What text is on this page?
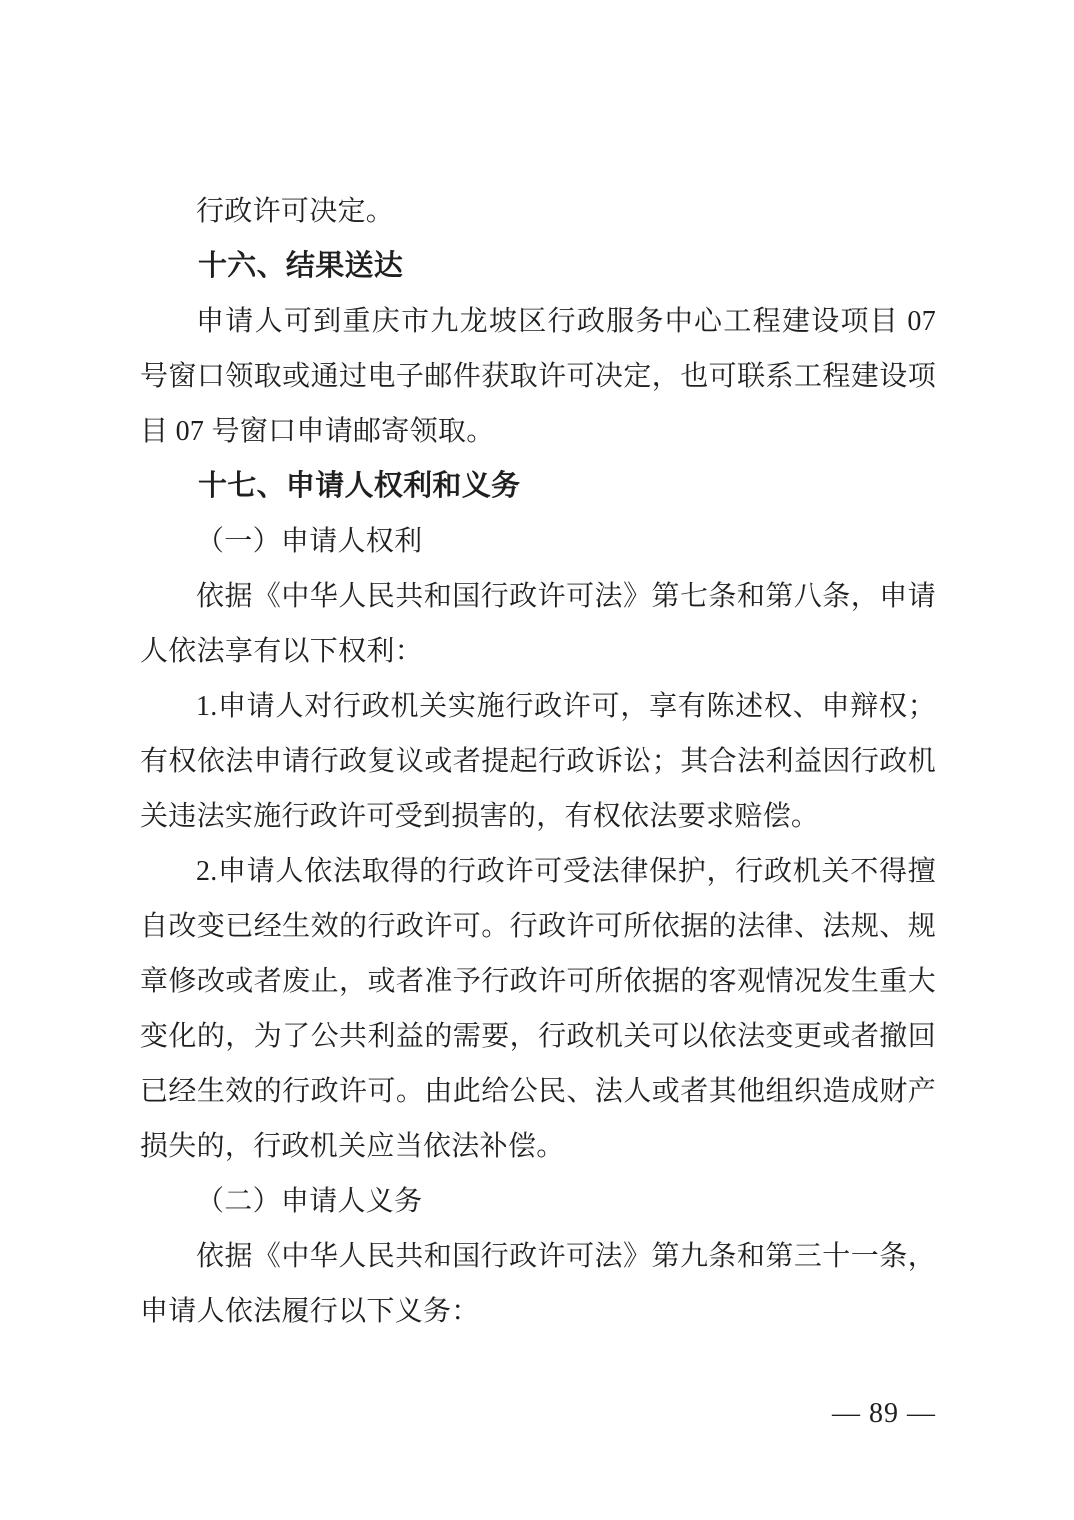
行政许可决定。

十六、结果送达

申请人可到重庆市九龙坡区行政服务中心工程建设项目 07 号窗口领取或通过电子邮件获取许可决定，也可联系工程建设项目 07 号窗口申请邮寄领取。

十七、申请人权利和义务

（一）申请人权利

依据《中华人民共和国行政许可法》第七条和第八条，申请人依法享有以下权利：

1.申请人对行政机关实施行政许可，享有陈述权、申辩权；有权依法申请行政复议或者提起行政诉讼；其合法利益因行政机关违法实施行政许可受到损害的，有权依法要求赔偿。

2.申请人依法取得的行政许可受法律保护，行政机关不得擅自改变已经生效的行政许可。行政许可所依据的法律、法规、规章修改或者废止，或者准予行政许可所依据的客观情况发生重大变化的，为了公共利益的需要，行政机关可以依法变更或者撤回已经生效的行政许可。由此给公民、法人或者其他组织造成财产损失的，行政机关应当依法补偿。

（二）申请人义务

依据《中华人民共和国行政许可法》第九条和第三十一条，申请人依法履行以下义务：

— 89 —
